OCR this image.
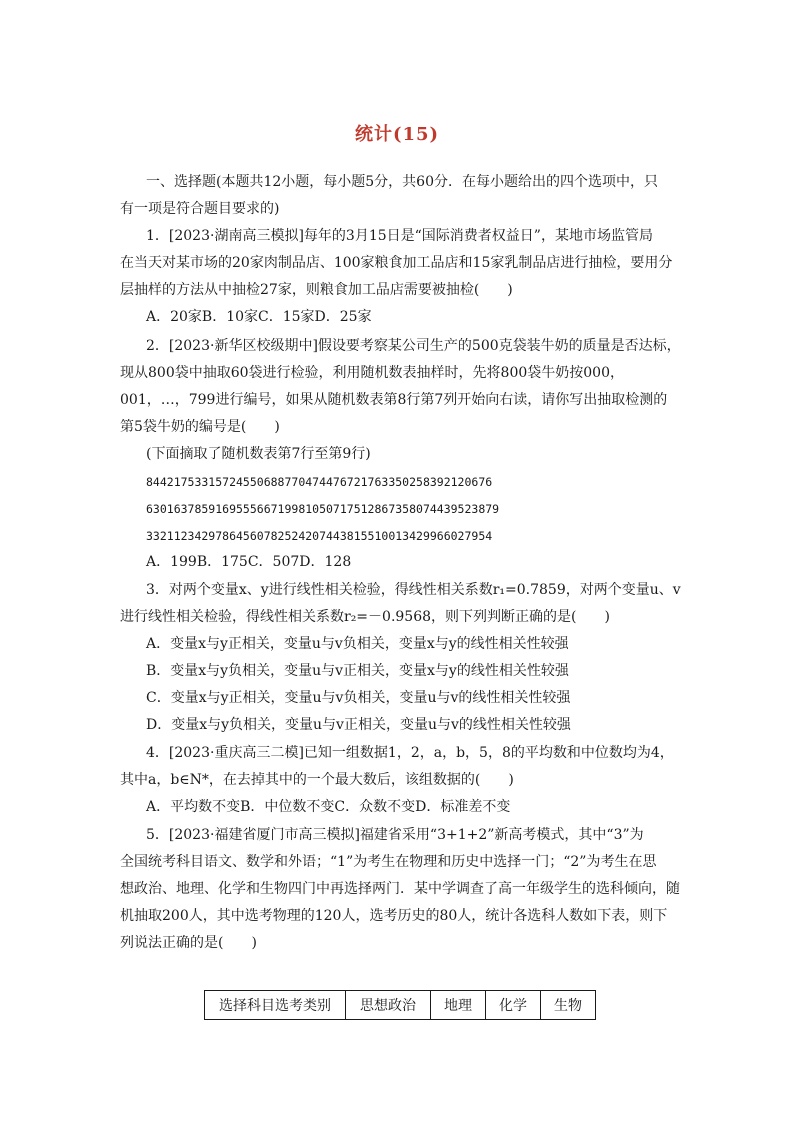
统计(15)
一、选择题(本题共12小题，每小题5分，共60分．在每小题给出的四个选项中，只
有一项是符合题目要求的)
1．[2023·湖南高三模拟]每年的3月15日是“国际消费者权益日”，某地市场监管局
在当天对某市场的20家肉制品店、100家粮食加工品店和15家乳制品店进行抽检，要用分
层抽样的方法从中抽检27家，则粮食加工品店需要被抽检(　　)
A．20家B．10家C．15家D．25家
2．[2023·新华区校级期中]假设要考察某公司生产的500克袋装牛奶的质量是否达标，
现从800袋中抽取60袋进行检验，利用随机数表抽样时，先将800袋牛奶按000，
001，…，799进行编号，如果从随机数表第8行第7列开始向右读，请你写出抽取检测的
第5袋牛奶的编号是(　　)
(下面摘取了随机数表第7行至第9行)
84421753315724550688770474476721763350258392120676
63016378591695556671998105071751286735807443952387​9
33211234297864560782524207443815510013429966027954
A．199B．175C．507D．128
3．对两个变量x、y进行线性相关检验，得线性相关系数r₁=0.7859，对两个变量u、v
进行线性相关检验，得线性相关系数r₂=－0.9568，则下列判断正确的是(　　)
A．变量x与y正相关，变量u与v负相关，变量x与y的线性相关性较强
B．变量x与y负相关，变量u与v正相关，变量x与y的线性相关性较强
C．变量x与y正相关，变量u与v负相关，变量u与v的线性相关性较强
D．变量x与y负相关，变量u与v正相关，变量u与v的线性相关性较强
4．[2023·重庆高三二模]已知一组数据1，2，a，b，5，8的平均数和中位数均为4，
其中a，b∈N*，在去掉其中的一个最大数后，该组数据的(　　)
A．平均数不变B．中位数不变C．众数不变D．标准差不变
5．[2023·福建省厦门市高三模拟]福建省采用“3+1+2”新高考模式，其中“3”为
全国统考科目语文、数学和外语；“1”为考生在物理和历史中选择一门；“2”为考生在思
想政治、地理、化学和生物四门中再选择两门．某中学调查了高一年级学生的选科倾向，随
机抽取200人，其中选考物理的120人，选考历史的80人，统计各选科人数如下表，则下
列说法正确的是(　　)
选择科目选考类别	思想政治	地理	化学	生物
